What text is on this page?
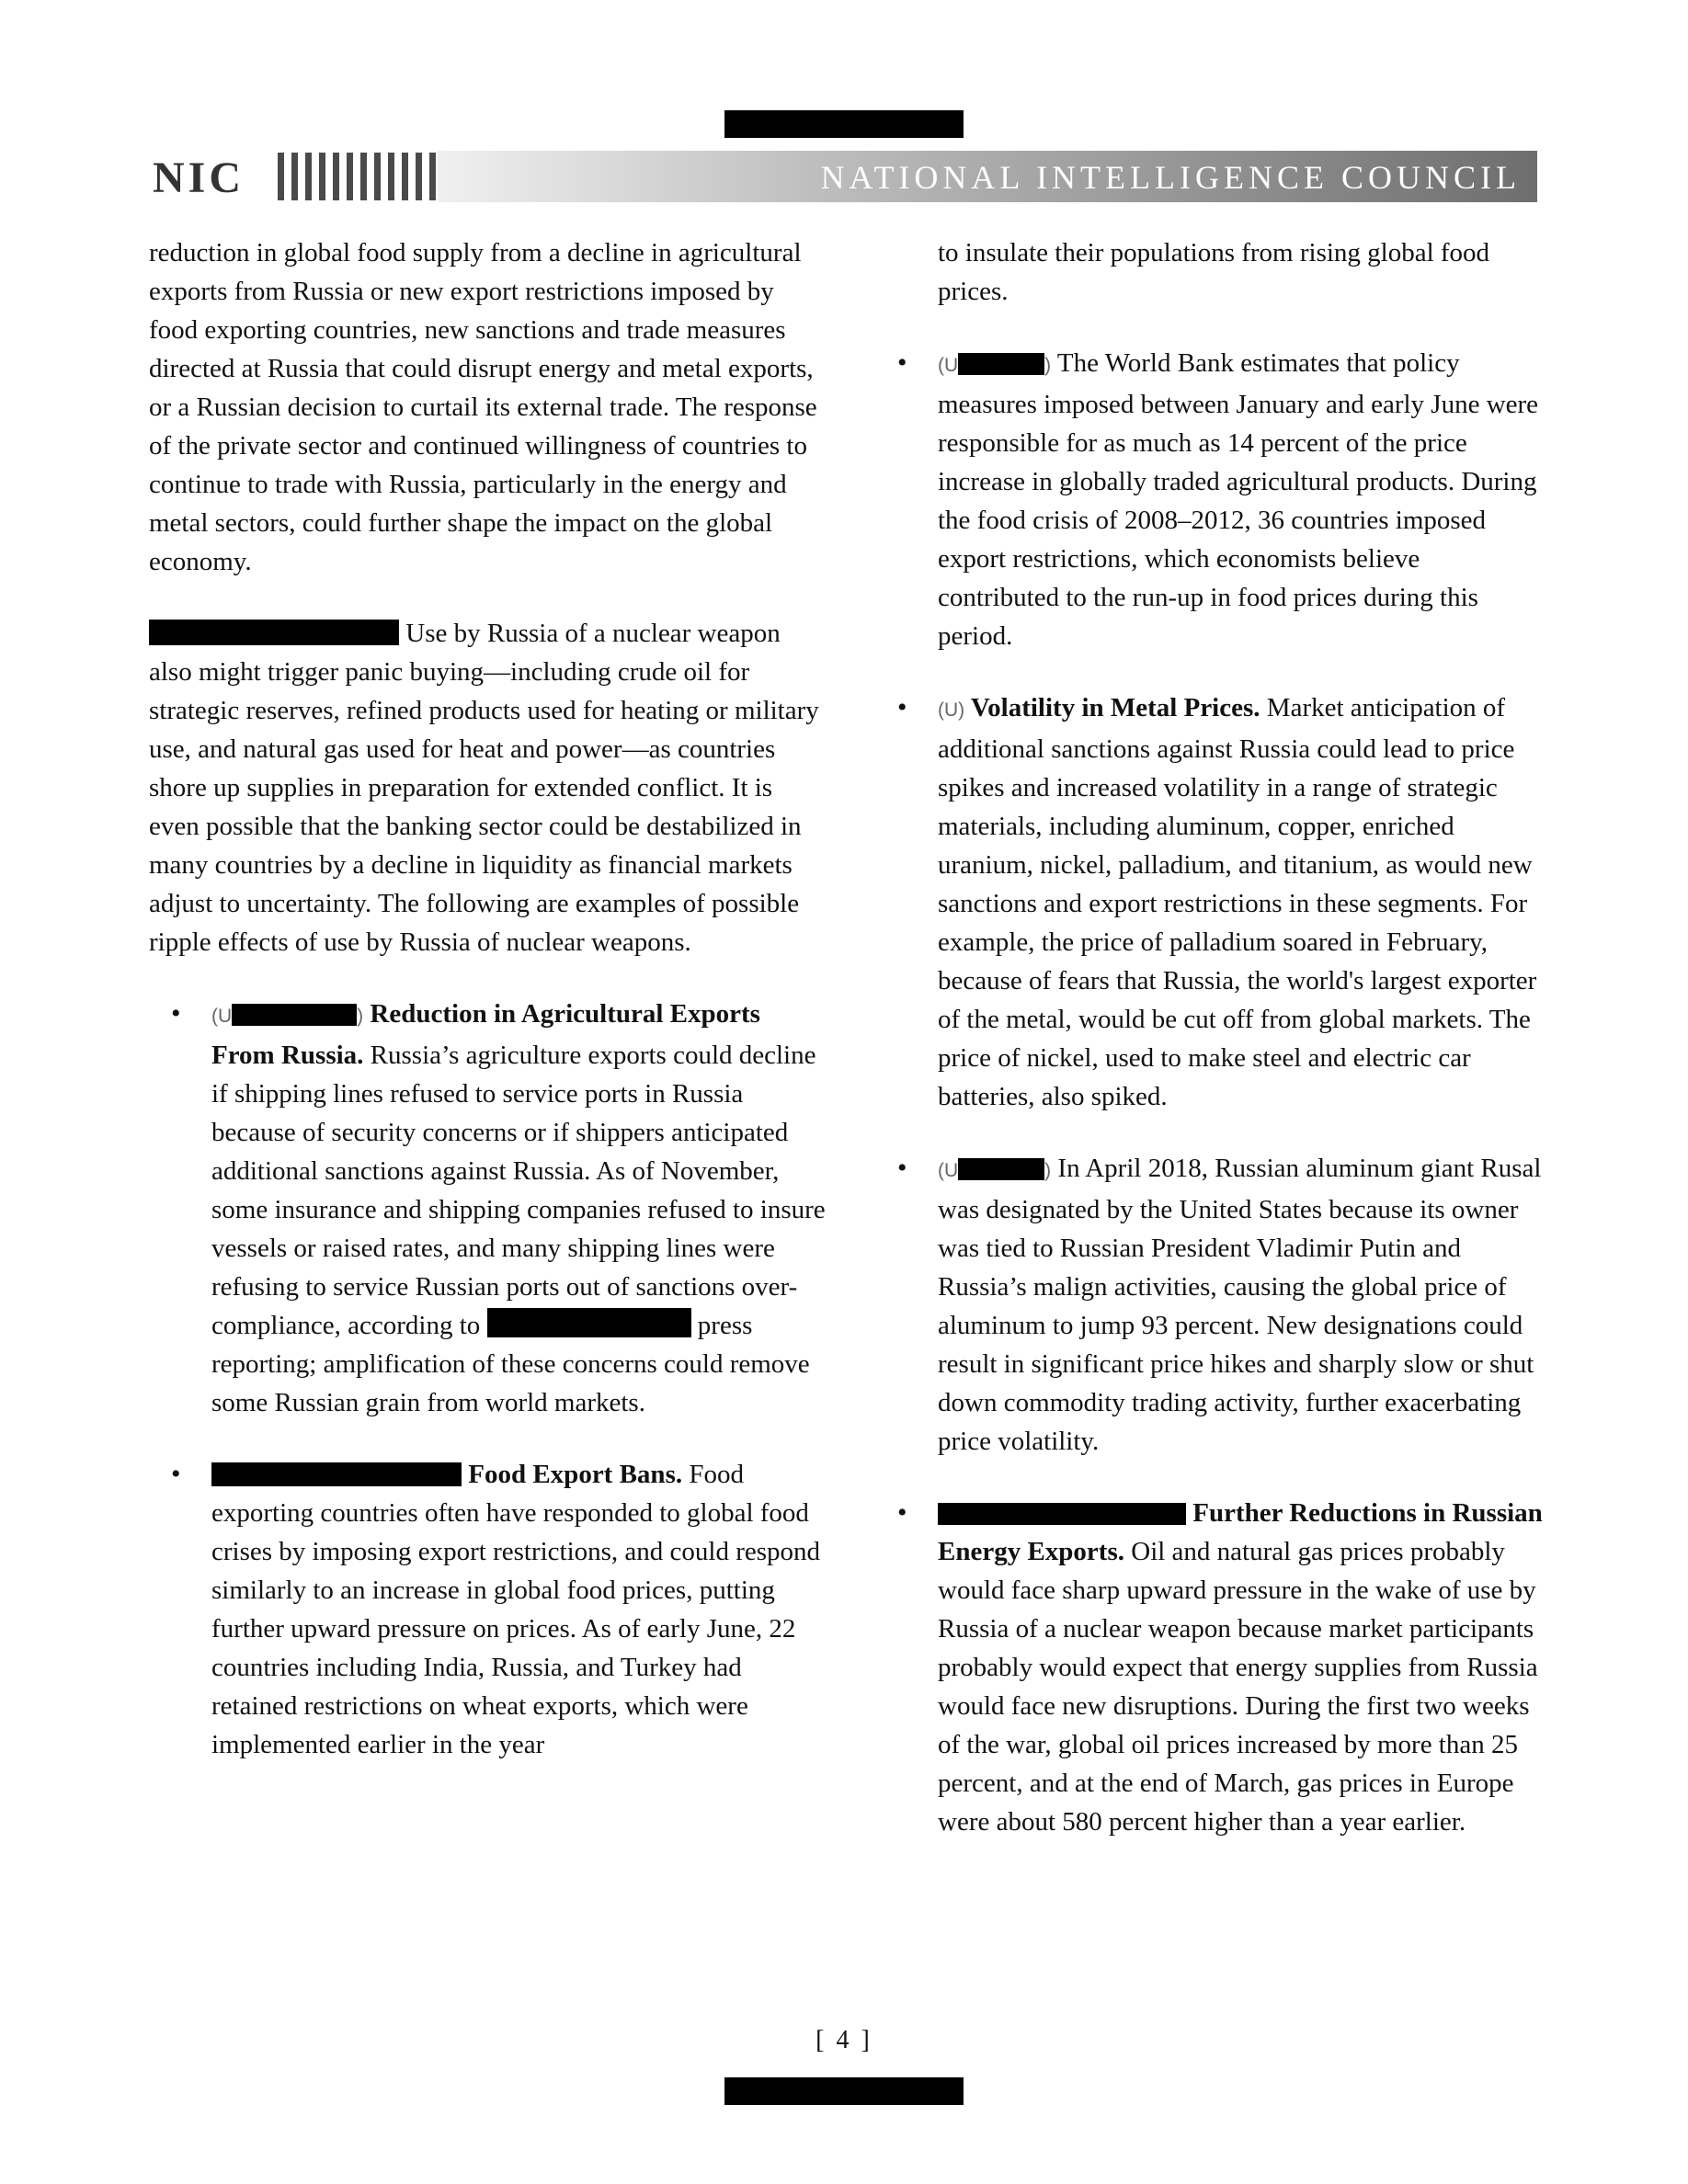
NIC	NATIONAL INTELLIGENCE COUNCIL

reduction in global food supply from a decline in agricultural exports from Russia or new export restrictions imposed by food exporting countries, new sanctions and trade measures directed at Russia that could disrupt energy and metal exports, or a Russian decision to curtail its external trade. The response of the private sector and continued willingness of countries to continue to trade with Russia, particularly in the energy and metal sectors, could further shape the impact on the global economy.

Use by Russia of a nuclear weapon also might trigger panic buying—including crude oil for strategic reserves, refined products used for heating or military use, and natural gas used for heat and power—as countries shore up supplies in preparation for extended conflict. It is even possible that the banking sector could be destabilized in many countries by a decline in liquidity as financial markets adjust to uncertainty. The following are examples of possible ripple effects of use by Russia of nuclear weapons.

• (U	) Reduction in Agricultural Exports From Russia. Russia’s agriculture exports could decline if shipping lines refused to service ports in Russia because of security concerns or if shippers anticipated additional sanctions against Russia. As of November, some insurance and shipping companies refused to insure vessels or raised rates, and many shipping lines were refusing to service Russian ports out of sanctions over-compliance, according to	press reporting; amplification of these concerns could remove some Russian grain from world markets.
• Food Export Bans. Food exporting countries often have responded to global food crises by imposing export restrictions, and could respond similarly to an increase in global food prices, putting further upward pressure on prices. As of early June, 22 countries including India, Russia, and Turkey had retained restrictions on wheat exports, which were implemented earlier in the year

to insulate their populations from rising global food prices.

• (U	) The World Bank estimates that policy measures imposed between January and early June were responsible for as much as 14 percent of the price increase in globally traded agricultural products. During the food crisis of 2008–2012, 36 countries imposed export restrictions, which economists believe contributed to the run-up in food prices during this period.
• (U) Volatility in Metal Prices. Market anticipation of additional sanctions against Russia could lead to price spikes and increased volatility in a range of strategic materials, including aluminum, copper, enriched uranium, nickel, palladium, and titanium, as would new sanctions and export restrictions in these segments. For example, the price of palladium soared in February, because of fears that Russia, the world's largest exporter of the metal, would be cut off from global markets. The price of nickel, used to make steel and electric car batteries, also spiked.
• (U	) In April 2018, Russian aluminum giant Rusal was designated by the United States because its owner was tied to Russian President Vladimir Putin and Russia’s malign activities, causing the global price of aluminum to jump 93 percent. New designations could result in significant price hikes and sharply slow or shut down commodity trading activity, further exacerbating price volatility.
• Further Reductions in Russian Energy Exports. Oil and natural gas prices probably would face sharp upward pressure in the wake of use by Russia of a nuclear weapon because market participants probably would expect that energy supplies from Russia would face new disruptions. During the first two weeks of the war, global oil prices increased by more than 25 percent, and at the end of March, gas prices in Europe were about 580 percent higher than a year earlier.
[ 4 ]
